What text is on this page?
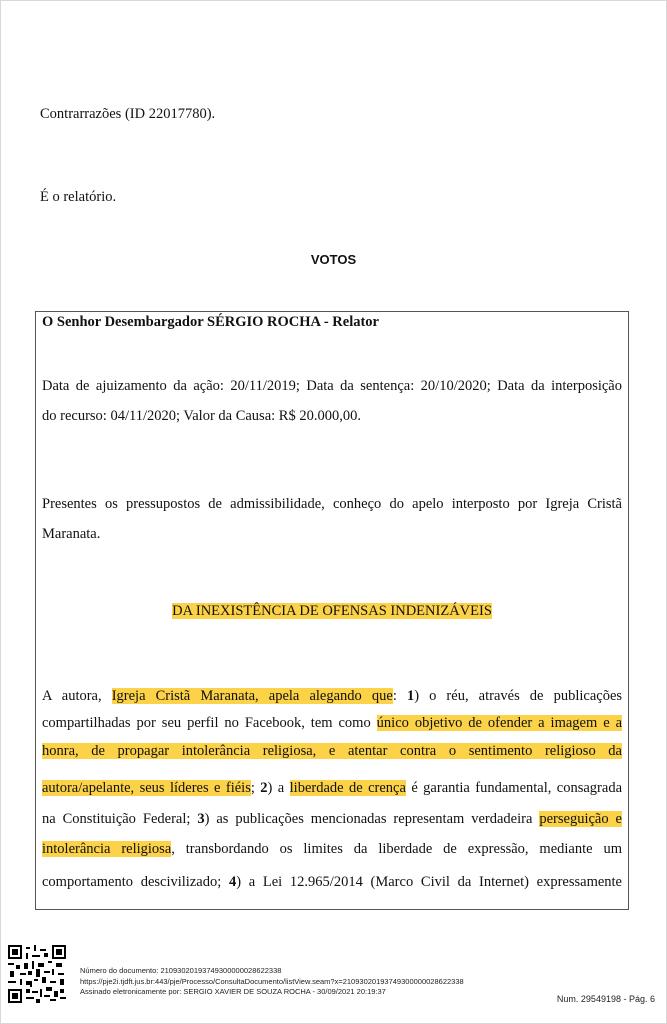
Contrarrazões (ID 22017780).

É o relatório.

VOTOS
O Senhor Desembargador SÉRGIO ROCHA - Relator
Data de ajuizamento da ação: 20/11/2019; Data da sentença: 20/10/2020; Data da interposição
do recurso: 04/11/2020; Valor da Causa: R$ 20.000,00.
Presentes os pressupostos de admissibilidade, conheço do apelo interposto por Igreja Cristã
Maranata.
DA INEXISTÊNCIA DE OFENSAS INDENIZÁVEIS
A autora, Igreja Cristã Maranata, apela alegando que: 1) o réu, através de publicações
compartilhadas por seu perfil no Facebook, tem como único objetivo de ofender a imagem e a
honra, de propagar intolerância religiosa, e atentar contra o sentimento religioso da
autora/apelante, seus líderes e fiéis; 2) a liberdade de crença é garantia fundamental, consagrada
na Constituição Federal; 3) as publicações mencionadas representam verdadeira perseguição e
intolerância religiosa, transbordando os limites da liberdade de expressão, mediante um
comportamento descivilizado; 4) a Lei 12.965/2014 (Marco Civil da Internet) expressamente
Número do documento: 21093020193749300000028622338
https://pje2i.tjdft.jus.br:443/pje/Processo/ConsultaDocumento/listView.seam?x=21093020193749300000028622338
Assinado eletronicamente por: SERGIO XAVIER DE SOUZA ROCHA - 30/09/2021 20:19:37
Num. 29549198 - Pág. 6
